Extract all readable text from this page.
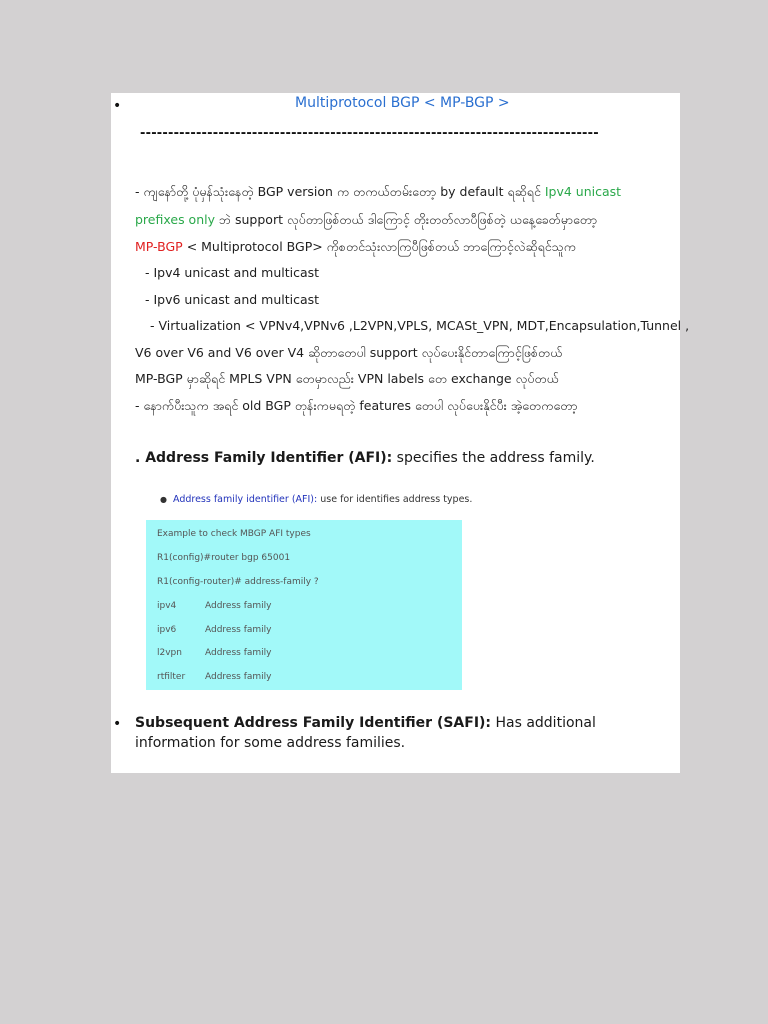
•	Multiprotocol BGP < MP-BGP >
----------------------------------------------------------------------------------
- ကျနော်တို့ ပုံမှန်သုံးနေတဲ့ BGP version က တကယ်တမ်းတော့ by default ရဆိုရင် Ipv4 unicast
prefixes only ဘဲ support လုပ်တာဖြစ်တယ် ဒါကြောင့် တိုးတတ်လာပီဖြစ်တဲ့ ယနေ့ခေတ်မှာတော့
MP-BGP < Multiprotocol BGP> ကိုစတင်သုံးလာကြပီဖြစ်တယ် ဘာကြောင့်လဲဆိုရင်သူက
- Ipv4 unicast and multicast
- Ipv6 unicast and multicast
- Virtualization < VPNv4,VPNv6 ,L2VPN,VPLS, MCASt_VPN, MDT,Encapsulation,Tunnel ,
V6 over V6 and V6 over V4 ဆိုတာတေပါ support လုပ်ပေးနိုင်တာကြောင့်ဖြစ်တယ်
MP-BGP မှာဆိုရင် MPLS VPN တေမှာလည်း VPN labels တေ exchange လုပ်တယ်
- နောက်ပီးသူက အရင် old BGP တုန်းကမရတဲ့ features တေပါ လုပ်ပေးနိုင်ပီး အဲ့တေကတော့
. Address Family Identifier (AFI): specifies the address family.
● Address family identifier (AFI): use for identifies address types.
Example to check MBGP AFI types
R1(config)#router bgp 65001
R1(config-router)# address-family ?
ipv4	Address family
ipv6	Address family
l2vpn	Address family
rtfilter Address family
• Subsequent Address Family Identifier (SAFI): Has additional information for some address families.
